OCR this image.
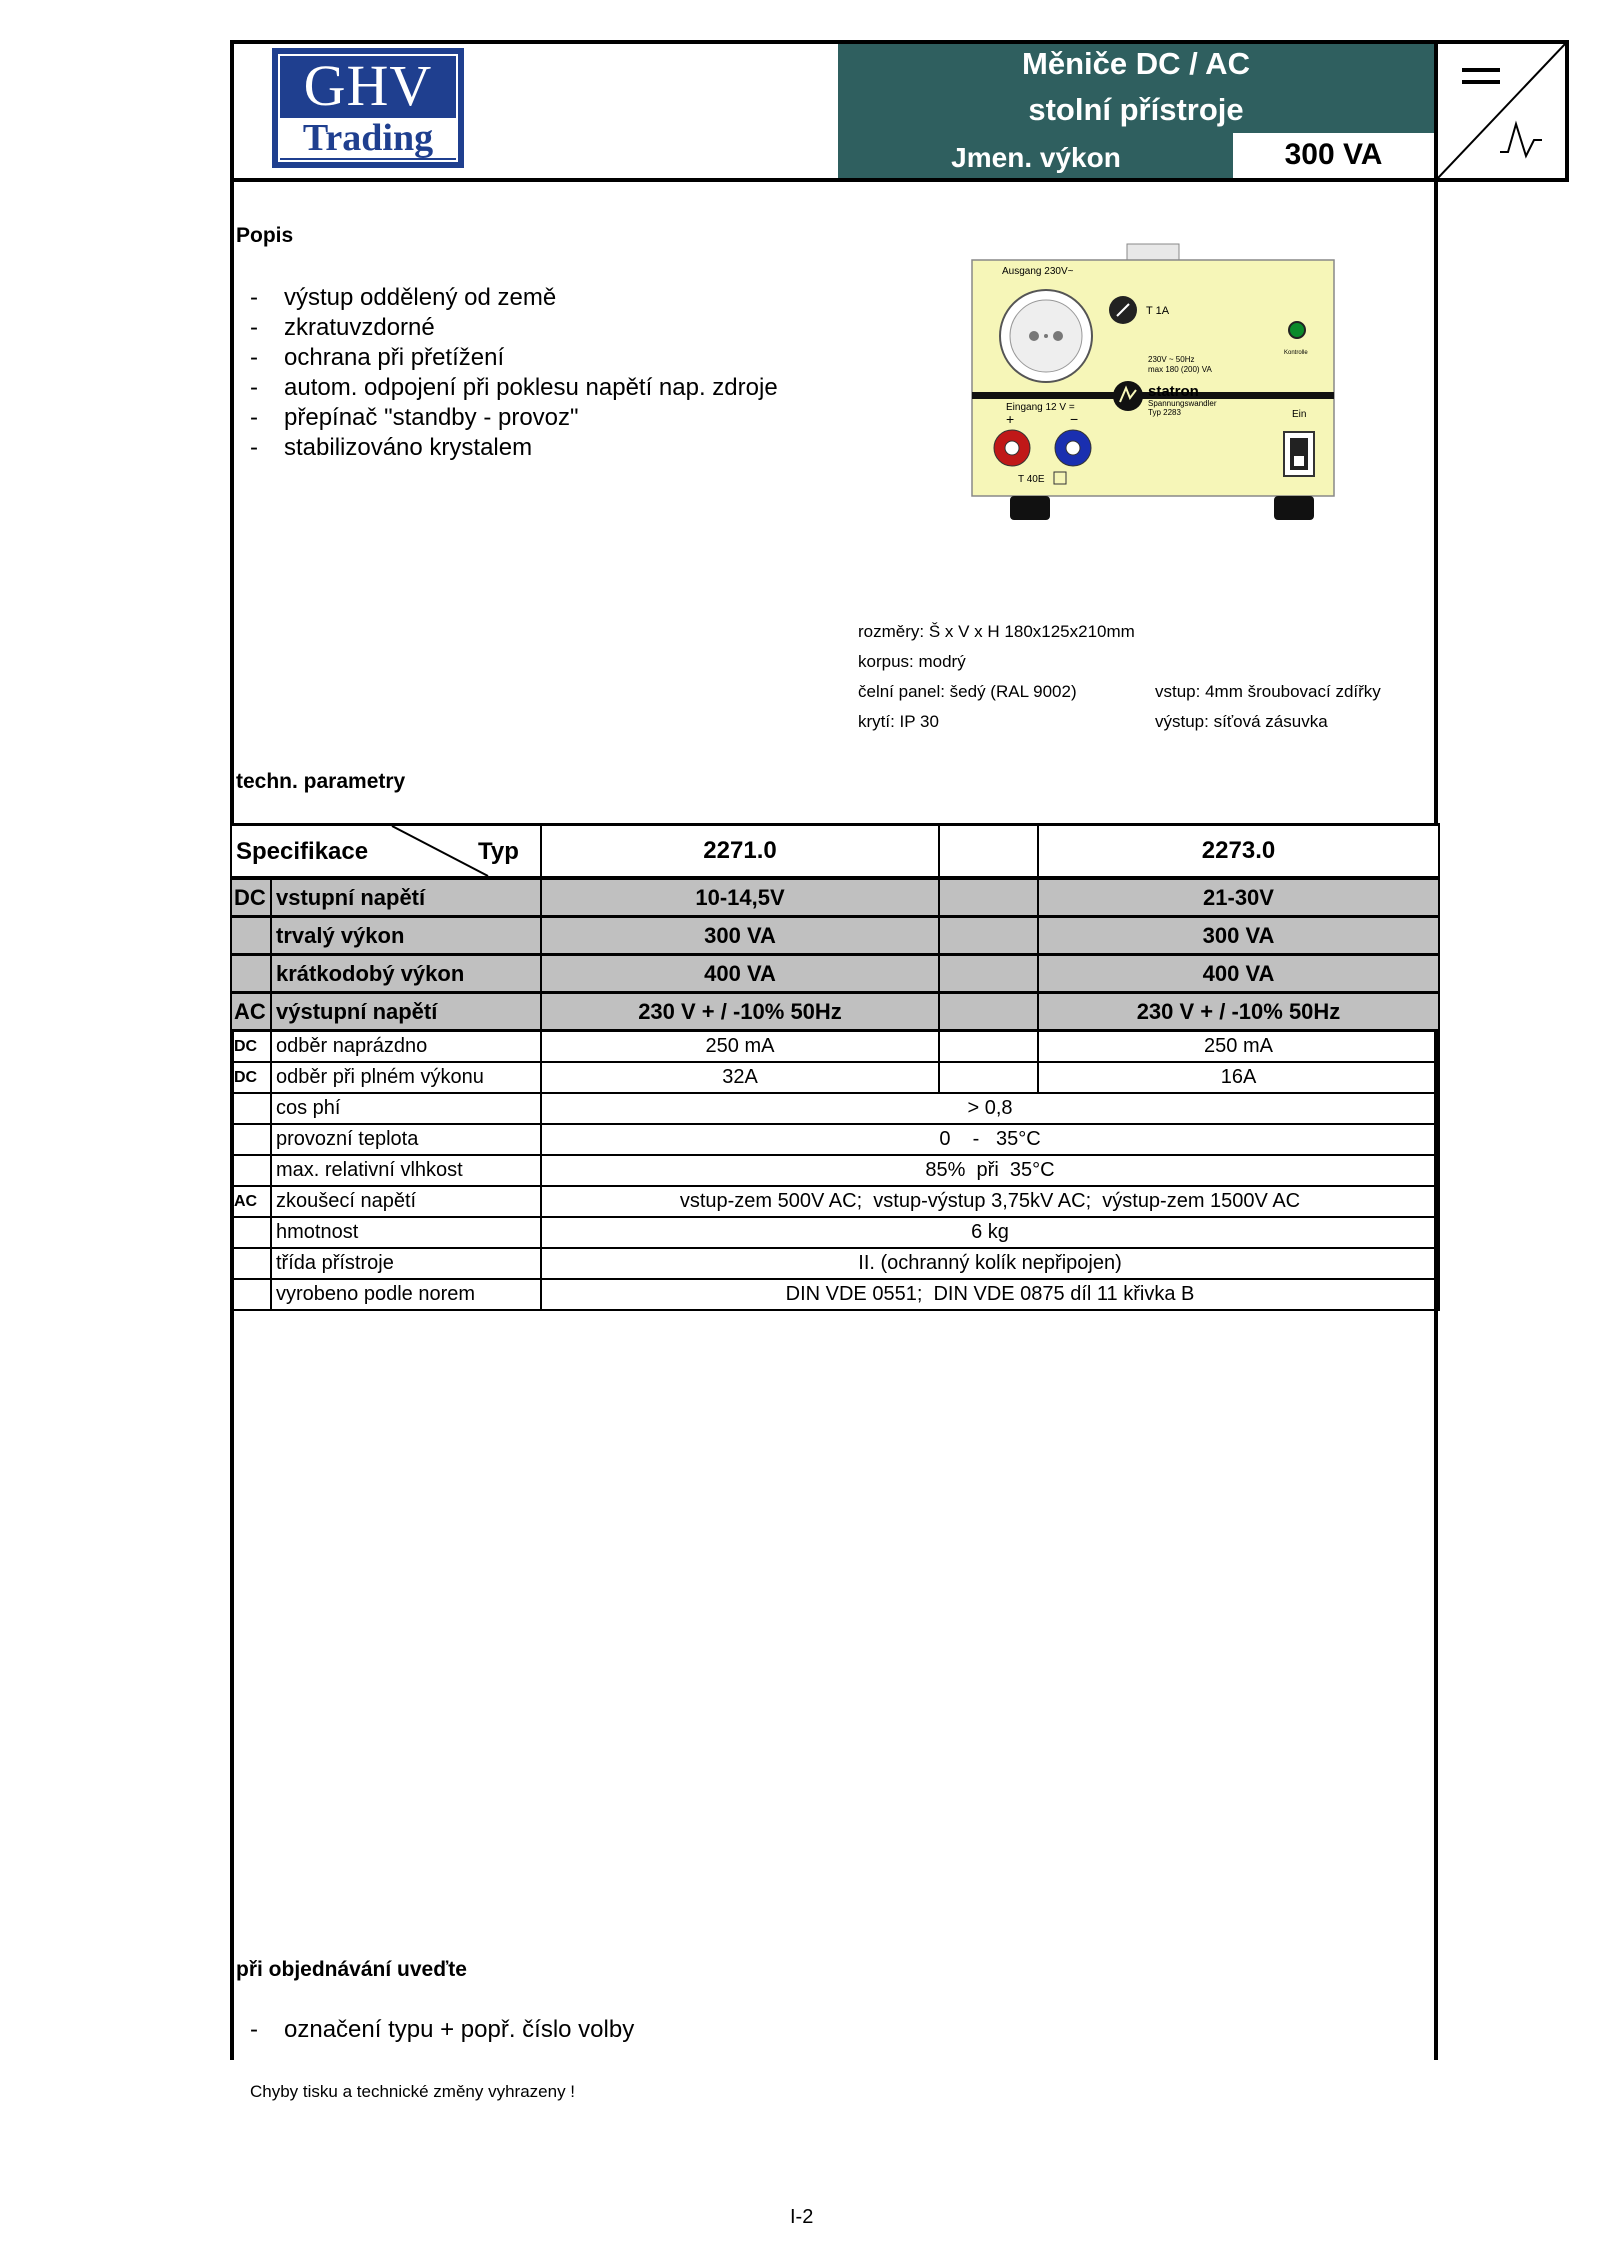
GHV
Trading
Měniče DC / AC
stolní přístroje
Jmen. výkon	300 VA
Popis
- výstup oddělený od země
- zkratuvzdorné
- ochrana při přetížení
- autom. odpojení při poklesu napětí nap. zdroje
- přepínač "standby - provoz"
- stabilizováno krystalem
Ausgang 230V~
T 1A
Kontrolle
230V ~ 50Hz
max 180 (200) VA
statron
Spannungswandler
Typ 2283
Eingang 12 V =
+	−
T 40E
Ein
rozměry: Š x V x H 180x125x210mm
korpus: modrý
čelní panel: šedý (RAL 9002)
krytí: IP 30
vstup: 4mm šroubovací zdířky
výstup: síťová zásuvka
techn. parametry
Specifikace Typ		2271.0		2273.0
DC	vstupní napětí	10-14,5V		21-30V
	trvalý výkon	300 VA		300 VA
	krátkodobý výkon	400 VA		400 VA
AC	výstupní napětí	230 V + / -10% 50Hz		230 V + / -10% 50Hz
DC	odběr naprázdno	250 mA		250 mA
DC	odběr při plném výkonu	32A		16A
	cos phí	> 0,8		
	provozní teplota	0    -   35°C		
	max. relativní vlhkost	85%  při  35°C		
AC	zkoušecí napětí	vstup-zem 500V AC;  vstup-výstup 3,75kV AC;  výstup-zem 1500V AC		
	hmotnost	6 kg		
	třída přístroje	II. (ochranný kolík nepřipojen)		
	vyrobeno podle norem	DIN VDE 0551;  DIN VDE 0875 díl 11 křivka B		
při objednávání uveďte
- označení typu + popř. číslo volby
Chyby tisku a technické změny vyhrazeny !
I-2
